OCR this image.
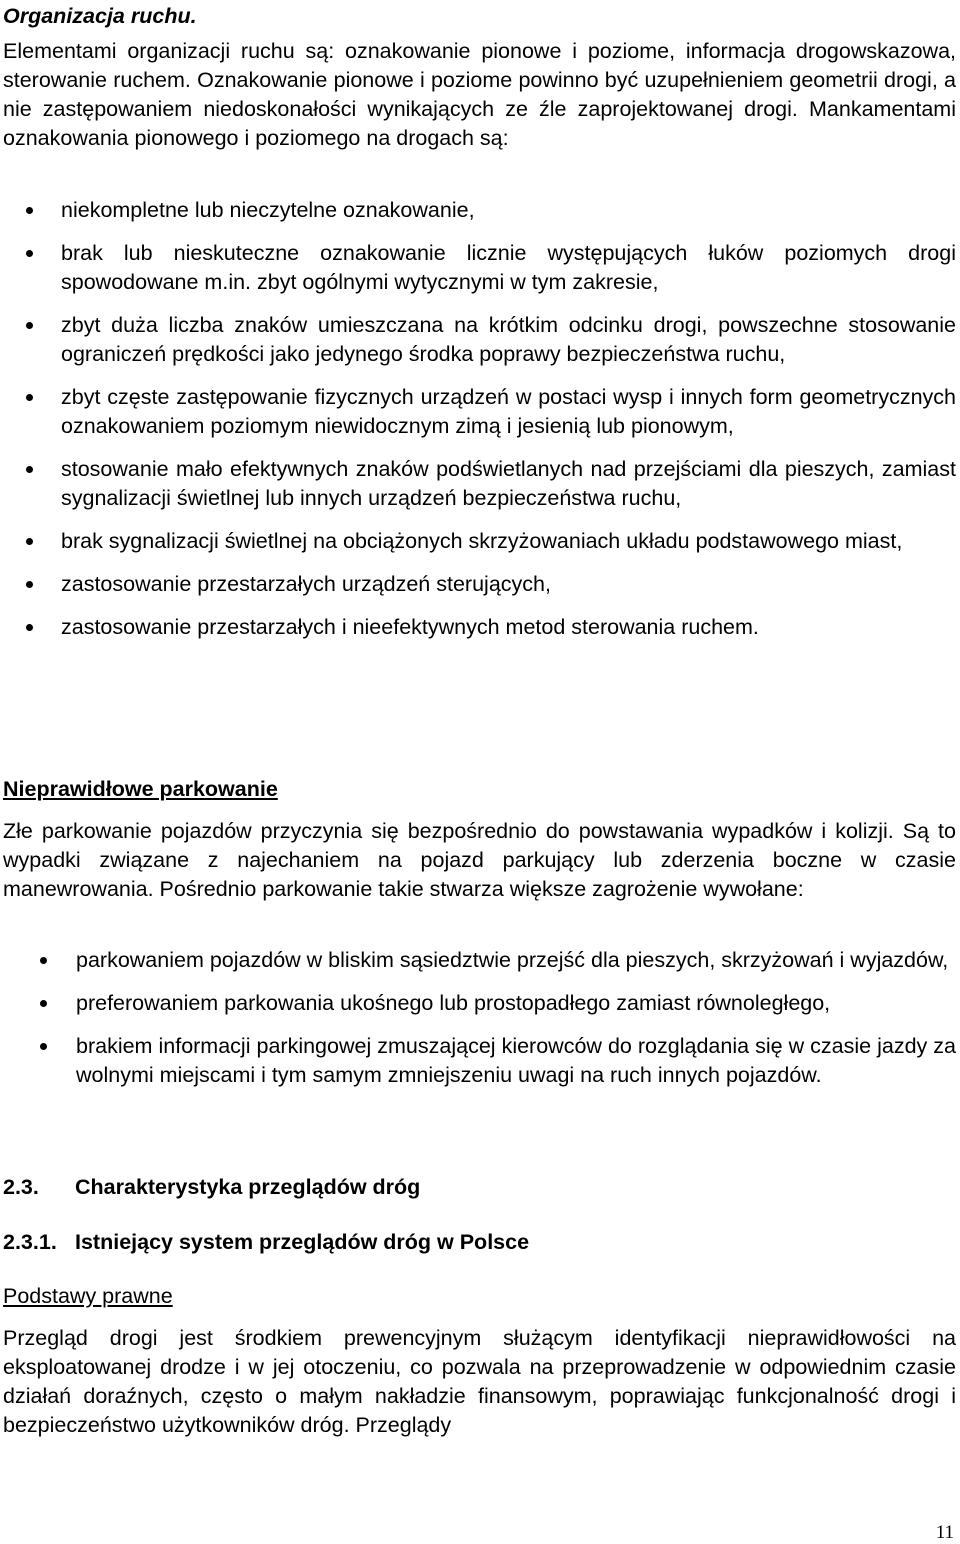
Organizacja ruchu.

Elementami organizacji ruchu są: oznakowanie pionowe i poziome, informacja drogowskazowa, sterowanie ruchem. Oznakowanie pionowe i poziome powinno być uzupełnieniem geometrii drogi, a nie zastępowaniem niedoskonałości wynikających ze źle zaprojektowanej drogi. Mankamentami oznakowania pionowego i poziomego na drogach są:

niekompletne lub nieczytelne oznakowanie,
brak lub nieskuteczne oznakowanie licznie występujących łuków poziomych drogi spowodowane m.in. zbyt ogólnymi wytycznymi w tym zakresie,
zbyt duża liczba znaków umieszczana na krótkim odcinku drogi, powszechne stosowanie ograniczeń prędkości jako jedynego środka poprawy bezpieczeństwa ruchu,
zbyt częste zastępowanie fizycznych urządzeń w postaci wysp i innych form geometrycznych oznakowaniem poziomym niewidocznym zimą i jesienią lub pionowym,
stosowanie mało efektywnych znaków podświetlanych nad przejściami dla pieszych, zamiast sygnalizacji świetlnej lub innych urządzeń bezpieczeństwa ruchu,
brak sygnalizacji świetlnej na obciążonych skrzyżowaniach układu podstawowego miast,
zastosowanie przestarzałych urządzeń sterujących,
zastosowanie przestarzałych i nieefektywnych metod sterowania ruchem.

Nieprawidłowe parkowanie

Złe parkowanie pojazdów przyczynia się bezpośrednio do powstawania wypadków i kolizji. Są to wypadki związane z najechaniem na pojazd parkujący lub zderzenia boczne w czasie manewrowania. Pośrednio parkowanie takie stwarza większe zagrożenie wywołane:

parkowaniem pojazdów w bliskim sąsiedztwie przejść dla pieszych, skrzyżowań i wyjazdów,
preferowaniem parkowania ukośnego lub prostopadłego zamiast równoległego,
brakiem informacji parkingowej zmuszającej kierowców do rozglądania się w czasie jazdy za wolnymi miejscami i tym samym zmniejszeniu uwagi na ruch innych pojazdów.

2.3. Charakterystyka przeglądów dróg

2.3.1. Istniejący system przeglądów dróg w Polsce

Podstawy prawne

Przegląd drogi jest środkiem prewencyjnym służącym identyfikacji nieprawidłowości na eksploatowanej drodze i w jej otoczeniu, co pozwala na przeprowadzenie w odpowiednim czasie działań doraźnych, często o małym nakładzie finansowym, poprawiając funkcjonalność drogi i bezpieczeństwo użytkowników dróg. Przeglądy

11
